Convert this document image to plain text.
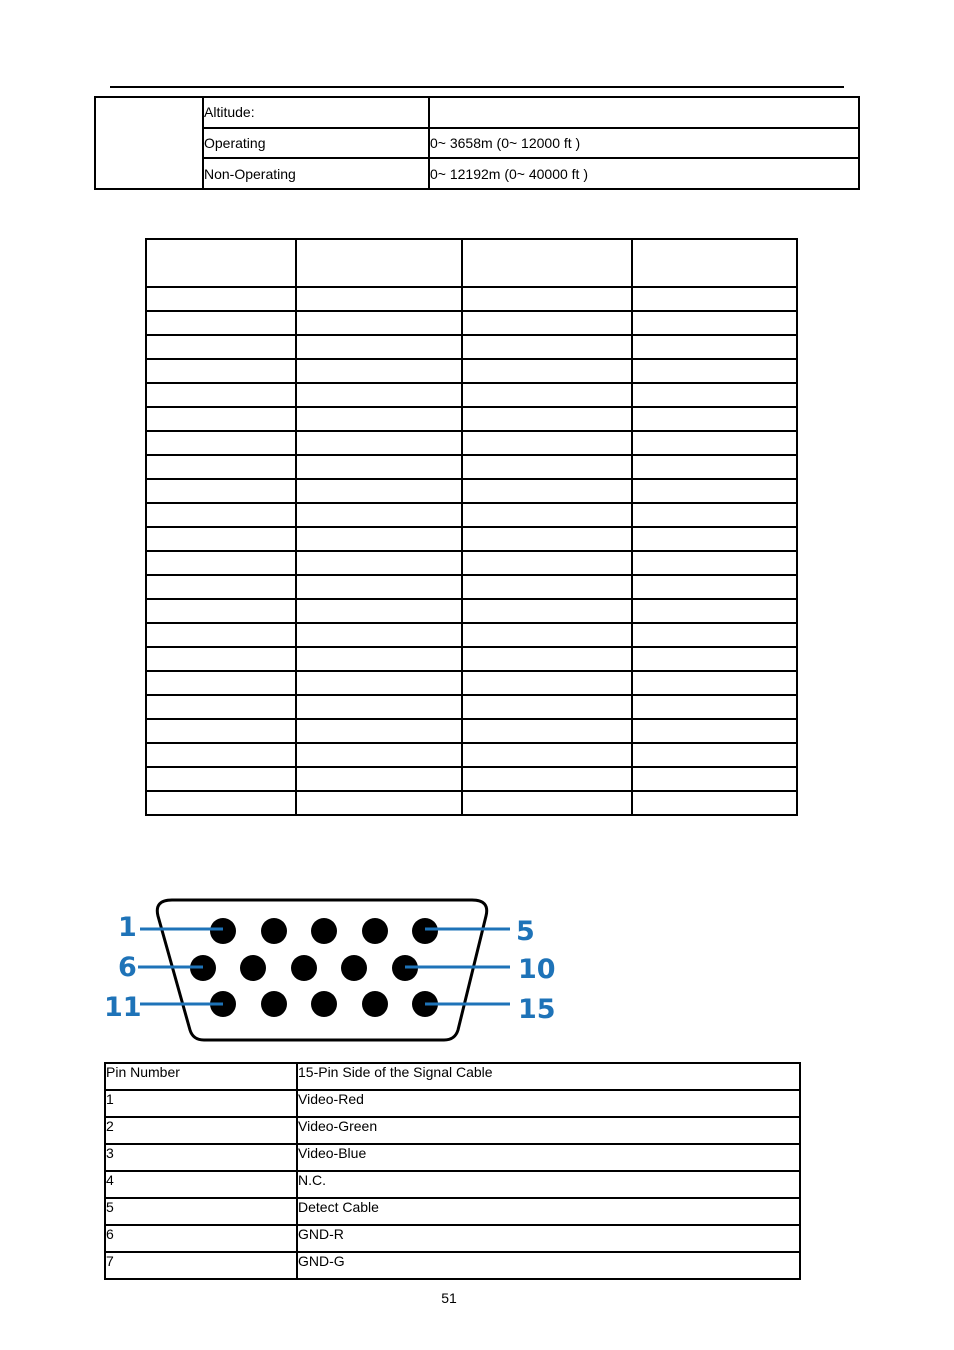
	Altitude:	
	Operating	0~ 3658m (0~ 12000 ft )
	Non-Operating	0~ 12192m (0~ 40000 ft )

1	5
6	10
11	15
Pin Number	15-Pin Side of the Signal Cable
1	Video-Red
2	Video-Green
3	Video-Blue
4	N.C.
5	Detect Cable
6	GND-R
7	GND-G
51
